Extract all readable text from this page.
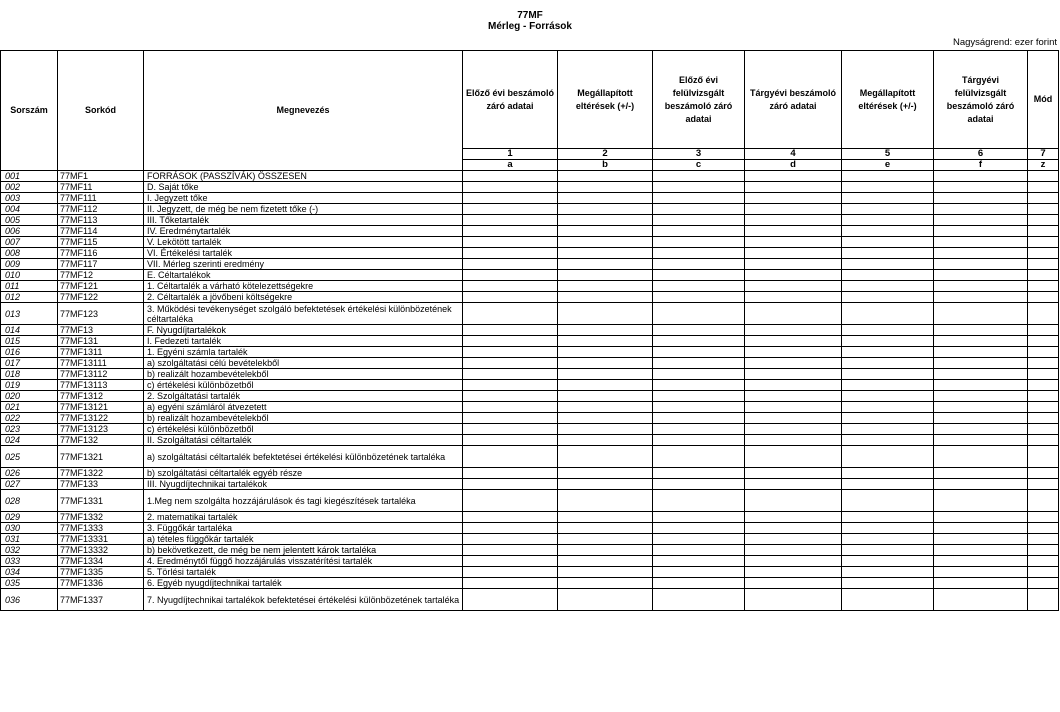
77MF
Mérleg - Források
Nagyságrend: ezer forint
Sorszám	Sorkód	Megnevezés	Előző évi beszámoló záró adatai	Megállapított eltérések (+/-)	Előző évi felülvizsgált beszámoló záró adatai	Tárgyévi beszámoló záró adatai	Megállapított eltérések (+/-)	Tárgyévi felülvizsgált beszámoló záró adatai	Mód
			1	2	3	4	5	6	7
			a	b	c	d	e	f	z
001	77MF1	FORRÁSOK (PASSZÍVÁK) ÖSSZESEN							
002	77MF11	D. Saját tőke							
003	77MF111	I. Jegyzett tőke							
004	77MF112	II. Jegyzett, de még be nem fizetett tőke (-)							
005	77MF113	III. Tőketartalék							
006	77MF114	IV. Eredménytartalék							
007	77MF115	V. Lekötött tartalék							
008	77MF116	VI. Értékelési tartalék							
009	77MF117	VII. Mérleg szerinti eredmény							
010	77MF12	E. Céltartalékok							
011	77MF121	1. Céltartalék a várható kötelezettségekre							
012	77MF122	2. Céltartalék a jövőbeni költségekre							
013	77MF123	3. Működési tevékenységet szolgáló befektetések értékelési különbözetének céltartaléka							
014	77MF13	F. Nyugdíjtartalékok							
015	77MF131	I. Fedezeti tartalék							
016	77MF1311	1. Egyéni számla tartalék							
017	77MF13111	a) szolgáltatási célú bevételekből							
018	77MF13112	b) realizált hozambevételekből							
019	77MF13113	c) értékelési különbözetből							
020	77MF1312	2. Szolgáltatási tartalék							
021	77MF13121	a) egyéni számláról átvezetett							
022	77MF13122	b) realizált hozambevételekből							
023	77MF13123	c) értékelési különbözetből							
024	77MF132	II. Szolgáltatási céltartalék							
025	77MF1321	a) szolgáltatási céltartalék befektetései értékelési különbözetének tartaléka							
026	77MF1322	b) szolgáltatási céltartalék egyéb része							
027	77MF133	III. Nyugdíjtechnikai tartalékok							
028	77MF1331	1.Meg nem szolgálta hozzájárulások és tagi kiegészítések tartaléka							
029	77MF1332	2. matematikai tartalék							
030	77MF1333	3. Függőkár tartaléka							
031	77MF13331	a) tételes függőkár tartalék							
032	77MF13332	b) bekövetkezett, de még be nem jelentett károk tartaléka							
033	77MF1334	4. Eredménytől függő hozzájárulás visszatérítési tartalék							
034	77MF1335	5. Törlési tartalék							
035	77MF1336	6. Egyéb nyugdíjtechnikai tartalék							
036	77MF1337	7. Nyugdíjtechnikai tartalékok befektetései értékelési különbözetének tartaléka							
